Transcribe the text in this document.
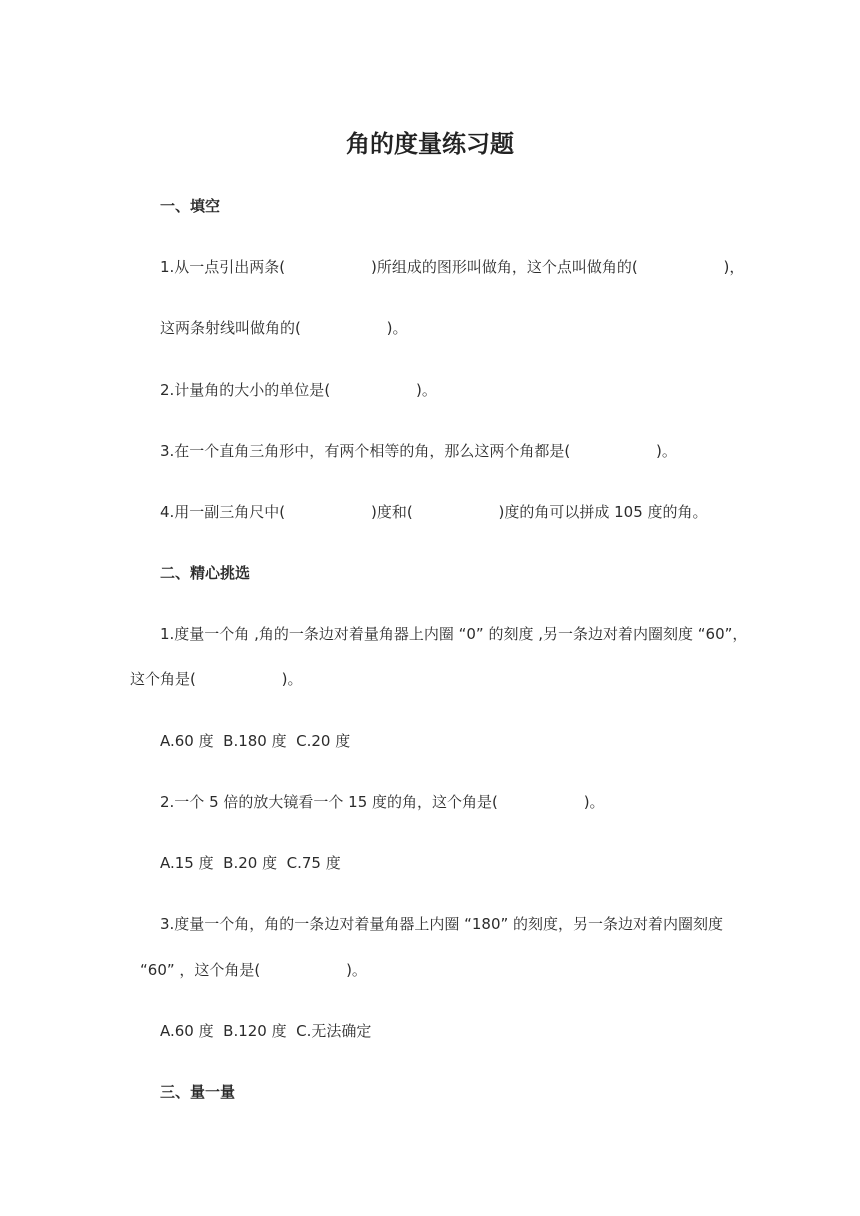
角的度量练习题
一、填空
1.从一点引出两条(                  )所组成的图形叫做角，这个点叫做角的(                  )，
这两条射线叫做角的(                  )。
2.计量角的大小的单位是(                  )。
3.在一个直角三角形中，有两个相等的角，那么这两个角都是(                  )。
4.用一副三角尺中(                  )度和(                  )度的角可以拼成 105 度的角。
二、精心挑选
1.度量一个角 ,角的一条边对着量角器上内圈 “0” 的刻度 ,另一条边对着内圈刻度 “60”，
这个角是(                  )。
A.60 度  B.180 度  C.20 度
2.一个 5 倍的放大镜看一个 15 度的角，这个角是(                  )。
A.15 度  B.20 度  C.75 度
3.度量一个角，角的一条边对着量角器上内圈 “180” 的刻度，另一条边对着内圈刻度
“60” ，这个角是(                  )。
A.60 度  B.120 度  C.无法确定
三、量一量
